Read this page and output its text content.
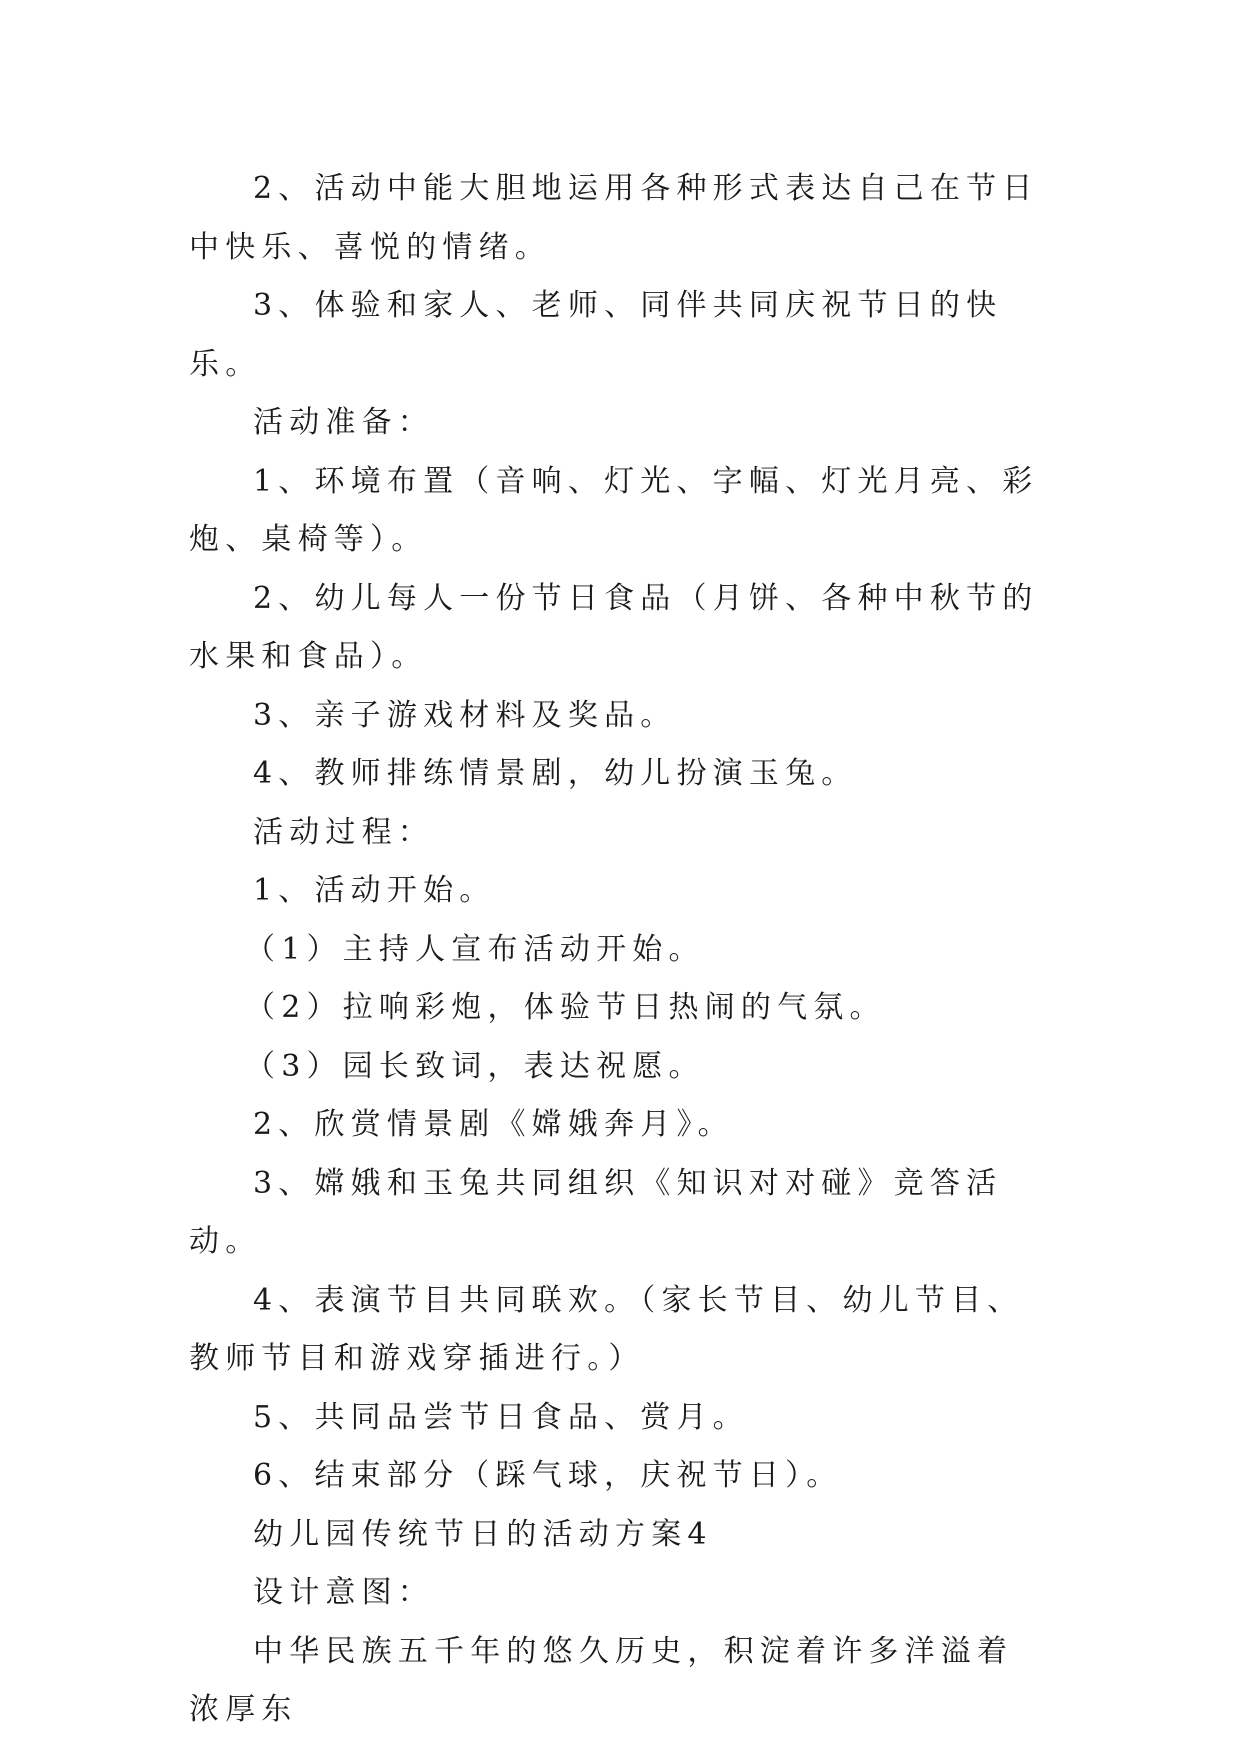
2、活动中能大胆地运用各种形式表达自己在节日中快乐、喜悦的情绪。

3、体验和家人、老师、同伴共同庆祝节日的快乐。

活动准备：

1、环境布置（音响、灯光、字幅、灯光月亮、彩炮、桌椅等）。

2、幼儿每人一份节日食品（月饼、各种中秋节的水果和食品）。

3、亲子游戏材料及奖品。

4、教师排练情景剧，幼儿扮演玉兔。

活动过程：

1、活动开始。

（1）主持人宣布活动开始。

（2）拉响彩炮，体验节日热闹的气氛。

（3）园长致词，表达祝愿。

2、欣赏情景剧《嫦娥奔月》。

3、嫦娥和玉兔共同组织《知识对对碰》竞答活动。

4、表演节目共同联欢。（家长节目、幼儿节目、教师节目和游戏穿插进行。）

5、共同品尝节日食品、赏月。

6、结束部分（踩气球，庆祝节日）。

幼儿园传统节日的活动方案4

设计意图：

中华民族五千年的悠久历史，积淀着许多洋溢着浓厚东
